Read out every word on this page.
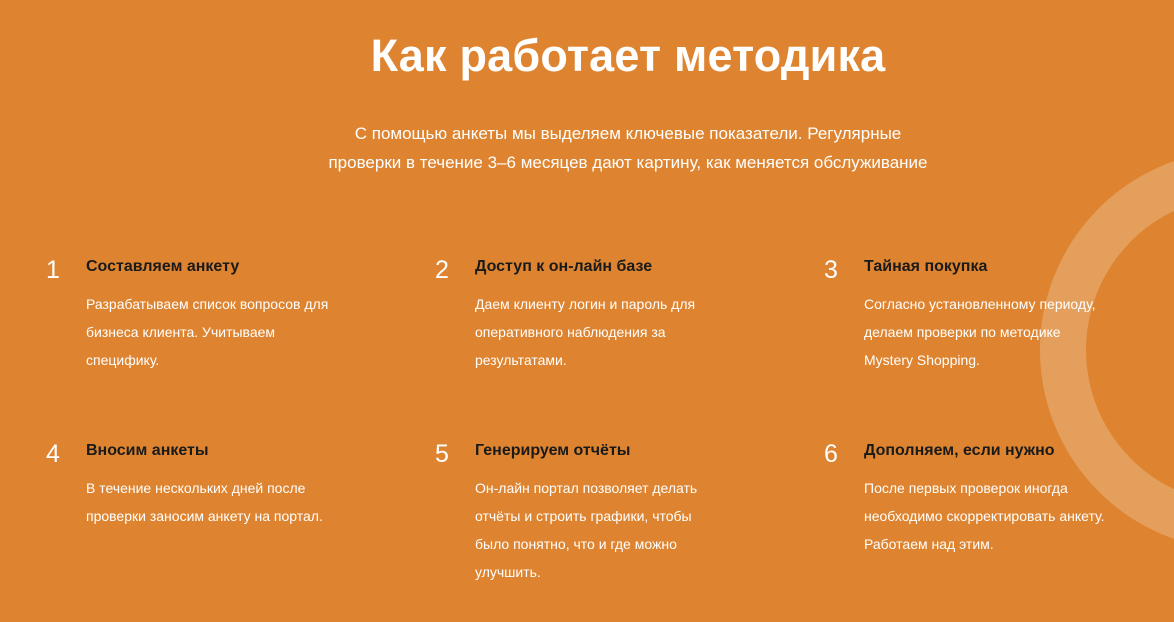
Как работает методика

С помощью анкеты мы выделяем ключевые показатели. Регулярные
проверки в течение 3–6 месяцев дают картину, как меняется обслуживание

1 Составляем анкету
Разрабатываем список вопросов для
бизнеса клиента. Учитываем
специфику.
2 Доступ к он-лайн базе
Даем клиенту логин и пароль для
оперативного наблюдения за
результатами.
3 Тайная покупка
Согласно установленному периоду,
делаем проверки по методике
Mystery Shopping.
4 Вносим анкеты
В течение нескольких дней после
проверки заносим анкету на портал.
5 Генерируем отчёты
Он-лайн портал позволяет делать
отчёты и строить графики, чтобы
было понятно, что и где можно
улучшить.
6 Дополняем, если нужно
После первых проверок иногда
необходимо скорректировать анкету.
Работаем над этим.
